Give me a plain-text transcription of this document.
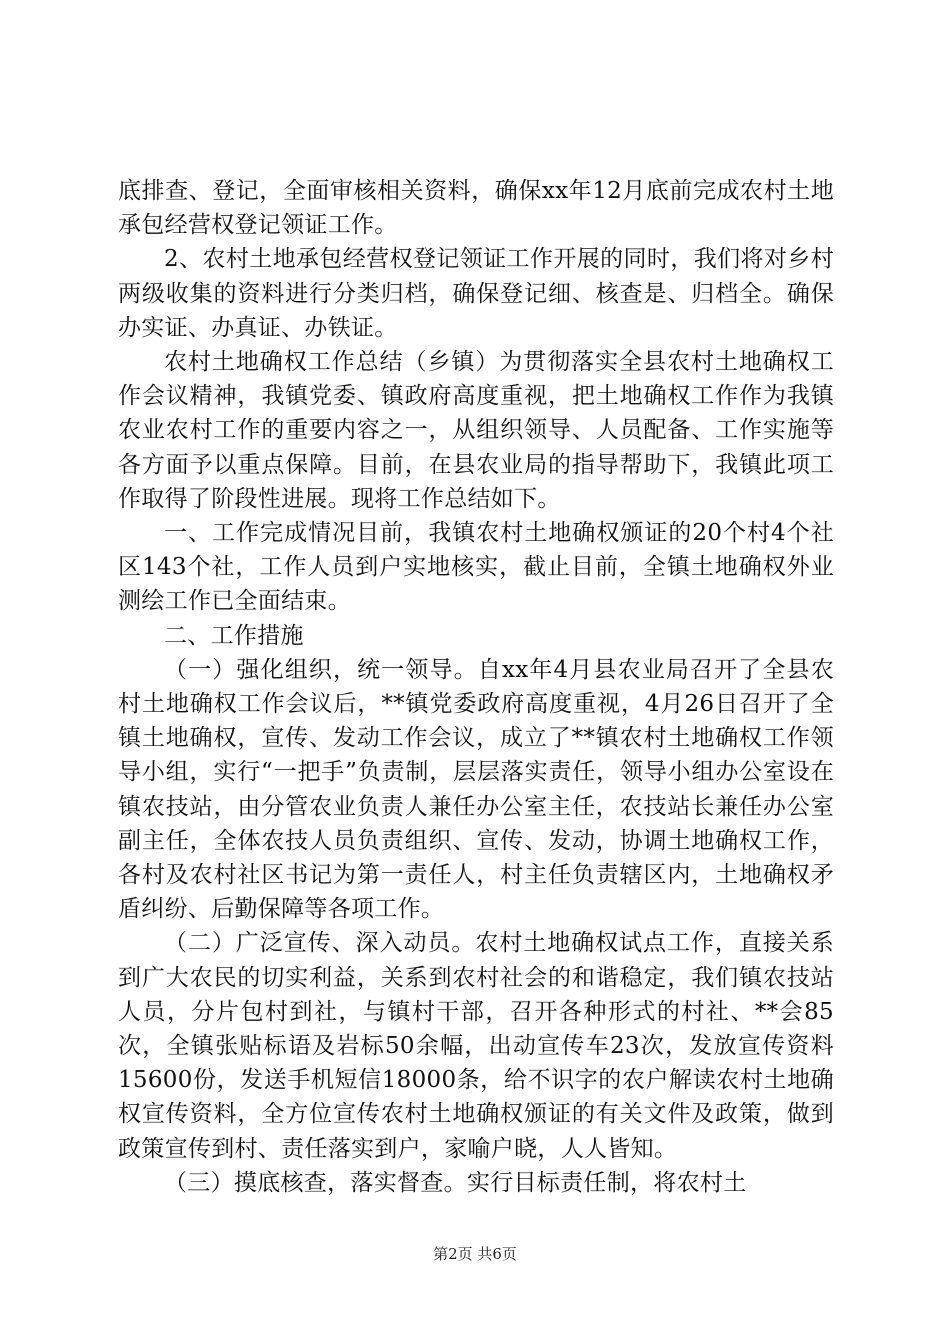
底排查、登记，全面审核相关资料，确保xx年12月底前完成农村土地承包经营权登记领证工作。

2、农村土地承包经营权登记领证工作开展的同时，我们将对乡村两级收集的资料进行分类归档，确保登记细、核查是、归档全。确保办实证、办真证、办铁证。

农村土地确权工作总结（乡镇）为贯彻落实全县农村土地确权工作会议精神，我镇党委、镇政府高度重视，把土地确权工作作为我镇农业农村工作的重要内容之一，从组织领导、人员配备、工作实施等各方面予以重点保障。目前，在县农业局的指导帮助下，我镇此项工作取得了阶段性进展。现将工作总结如下。

一、工作完成情况目前，我镇农村土地确权颁证的20个村4个社区143个社，工作人员到户实地核实，截止目前，全镇土地确权外业测绘工作已全面结束。

二、工作措施

（一）强化组织，统一领导。自xx年4月县农业局召开了全县农村土地确权工作会议后，**镇党委政府高度重视，4月26日召开了全镇土地确权，宣传、发动工作会议，成立了**镇农村土地确权工作领导小组，实行“一把手”负责制，层层落实责任，领导小组办公室设在镇农技站，由分管农业负责人兼任办公室主任，农技站长兼任办公室副主任，全体农技人员负责组织、宣传、发动，协调土地确权工作，各村及农村社区书记为第一责任人，村主任负责辖区内，土地确权矛盾纠纷、后勤保障等各项工作。

（二）广泛宣传、深入动员。农村土地确权试点工作，直接关系到广大农民的切实利益，关系到农村社会的和谐稳定，我们镇农技站人员，分片包村到社，与镇村干部，召开各种形式的村社、**会85次，全镇张贴标语及岩标50余幅，出动宣传车23次，发放宣传资料15600份，发送手机短信18000条，给不识字的农户解读农村土地确权宣传资料，全方位宣传农村土地确权颁证的有关文件及政策，做到政策宣传到村、责任落实到户，家喻户晓，人人皆知。

（三）摸底核查，落实督查。实行目标责任制，将农村土

第2页 共6页
